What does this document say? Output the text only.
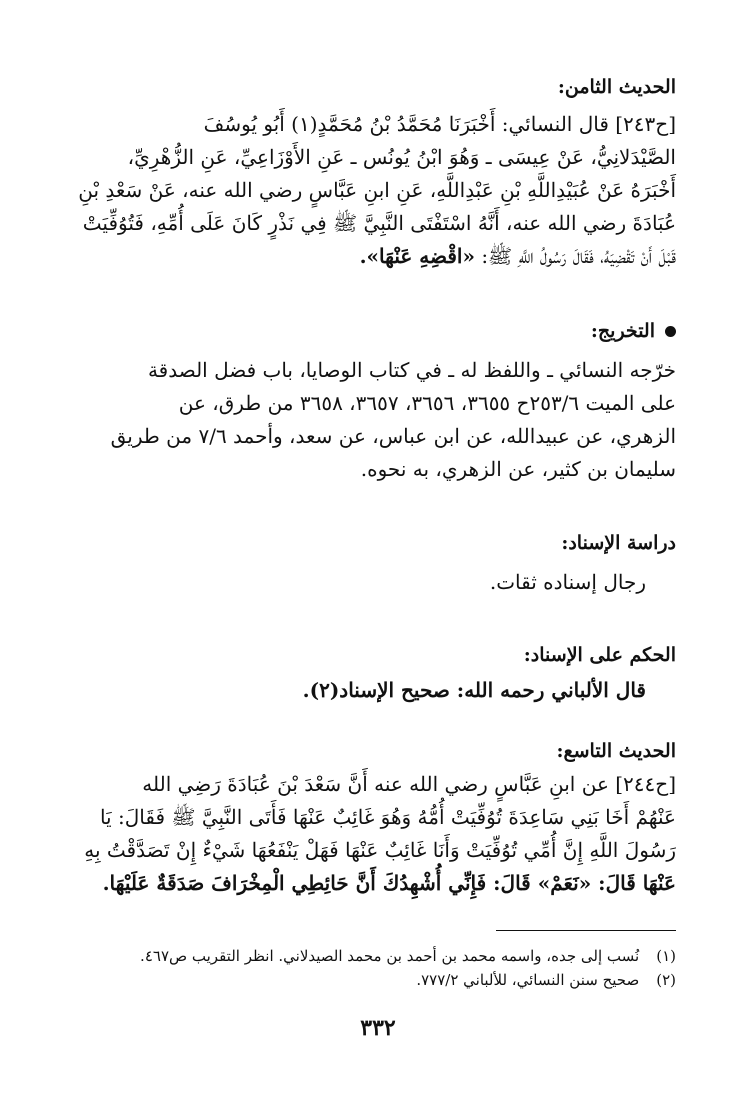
الحديث الثامن:
[ح٢٤٣] قال النسائي: أَخْبَرَنَا مُحَمَّدُ بْنُ مُحَمَّدٍ(١) أَبُو يُوسُفَ
الصَّيْدَلانِيُّ، عَنْ عِيسَى ـ وَهُوَ ابْنُ يُونُس ـ عَنِ الأَوْزَاعِيِّ، عَنِ الزُّهْرِيِّ،
أَخْبَرَهُ عَنْ عُبَيْدِاللَّهِ بْنِ عَبْدِاللَّهِ، عَنِ ابنِ عَبَّاسٍ رضي الله عنه، عَنْ سَعْدِ بْنِ
عُبَادَةَ رضي الله عنه، أَنَّهُ اسْتَفْتَى النَّبِيَّ ﷺ فِي نَذْرٍ كَانَ عَلَى أُمِّهِ، فَتُوُفِّيَتْ
قَبْلَ أَنْ تَقْضِيَهُ، فَقَالَ رَسُولُ اللَّهِ ﷺ: «اقْضِهِ عَنْهَا».
التخريج:
خرّجه النسائي ـ واللفظ له ـ في كتاب الوصايا، باب فضل الصدقة
على الميت ٢٥٣/٦ح ٣٦٥٥، ٣٦٥٦، ٣٦٥٧، ٣٦٥٨ من طرق، عن
الزهري، عن عبيدالله، عن ابن عباس، عن سعد، وأحمد ٧/٦ من طريق
سليمان بن كثير، عن الزهري، به نحوه.
دراسة الإسناد:
رجال إسناده ثقات.
الحكم على الإسناد:
قال الألباني رحمه الله: صحيح الإسناد(٢).
الحديث التاسع:
[ح٢٤٤] عن ابنِ عَبَّاسٍ رضي الله عنه أَنَّ سَعْدَ بْنَ عُبَادَةَ رَضِي الله
عَنْهُمْ أَخَا بَنِي سَاعِدَةَ تُوُفِّيَتْ أُمُّهُ وَهُوَ غَائِبٌ عَنْهَا فَأَتَى النَّبِيَّ ﷺ فَقَالَ: يَا
رَسُولَ اللَّهِ إِنَّ أُمِّي تُوُفِّيَتْ وَأَنَا غَائِبٌ عَنْهَا فَهَلْ يَنْفَعُهَا شَيْءٌ إِنْ تَصَدَّقْتُ بِهِ
عَنْهَا قَالَ: «نَعَمْ» قَالَ: فَإِنِّي أُشْهِدُكَ أَنَّ حَائِطِي الْمِخْرَافَ صَدَقَةٌ عَلَيْهَا.
(١) نُسب إلى جده، واسمه محمد بن أحمد بن محمد الصيدلاني. انظر التقريب ص٤٦٧.
(٢) صحيح سنن النسائي، للألباني ٧٧٧/٢.
٣٣٢
